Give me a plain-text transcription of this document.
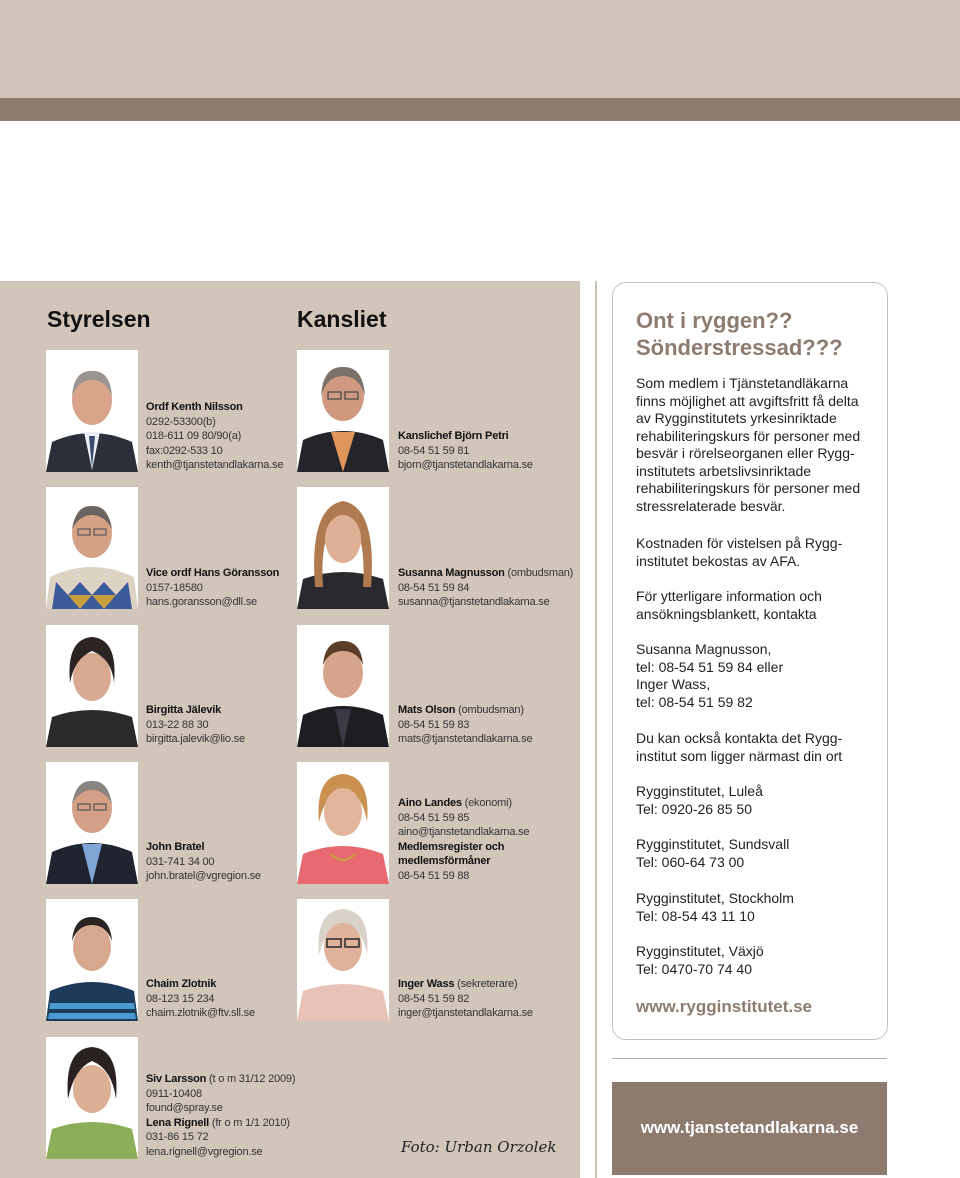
Styrelsen	Kansliet
Ordf Kenth Nilsson
0292-53300(b)
018-611 09 80/90(a)
fax:0292-533 10
kenth@tjanstetandlakarna.se
Vice ordf Hans Göransson
0157-18580
hans.goransson@dll.se
Birgitta Jälevik
013-22 88 30
birgitta.jalevik@lio.se
John Bratel
031-741 34 00
john.bratel@vgregion.se
Chaim Zlotnik
08-123 15 234
chaim.zlotnik@ftv.sll.se
Siv Larsson (t o m 31/12 2009)
0911-10408
found@spray.se
Lena Rignell (fr o m 1/1 2010)
031-86 15 72
lena.rignell@vgregion.se
Kanslichef Björn Petri
08-54 51 59 81
bjorn@tjanstetandlakarna.se
Susanna Magnusson (ombudsman)
08-54 51 59 84
susanna@tjanstetandlakarna.se
Mats Olson (ombudsman)
08-54 51 59 83
mats@tjanstetandlakarna.se
Aino Landes (ekonomi)
08-54 51 59 85
aino@tjanstetandlakarna.se
Medlemsregister och
medlemsförmåner
08-54 51 59 88
Inger Wass (sekreterare)
08-54 51 59 82
inger@tjanstetandlakarna.se
Foto: Urban Orzolek
Ont i ryggen??
Sönderstressad???
Som medlem i Tjänstetandläkarna
finns möjlighet att avgiftsfritt få delta
av Rygginstitutets yrkesinriktade
rehabiliteringskurs för personer med
besvär i rörelseorganen eller Rygg-
institutets arbetslivsinriktade
rehabiliteringskurs för personer med
stressrelaterade besvär.
Kostnaden för vistelsen på Rygg-
institutet bekostas av AFA.
För ytterligare information och
ansökningsblankett, kontakta
Susanna Magnusson,
tel: 08-54 51 59 84 eller
Inger Wass,
tel: 08-54 51 59 82
Du kan också kontakta det Rygg-
institut som ligger närmast din ort
Rygginstitutet, Luleå
Tel: 0920-26 85 50
Rygginstitutet, Sundsvall
Tel: 060-64 73 00
Rygginstitutet, Stockholm
Tel: 08-54 43 11 10
Rygginstitutet, Växjö
Tel: 0470-70 74 40
www.rygginstitutet.se
www.tjanstetandlakarna.se
